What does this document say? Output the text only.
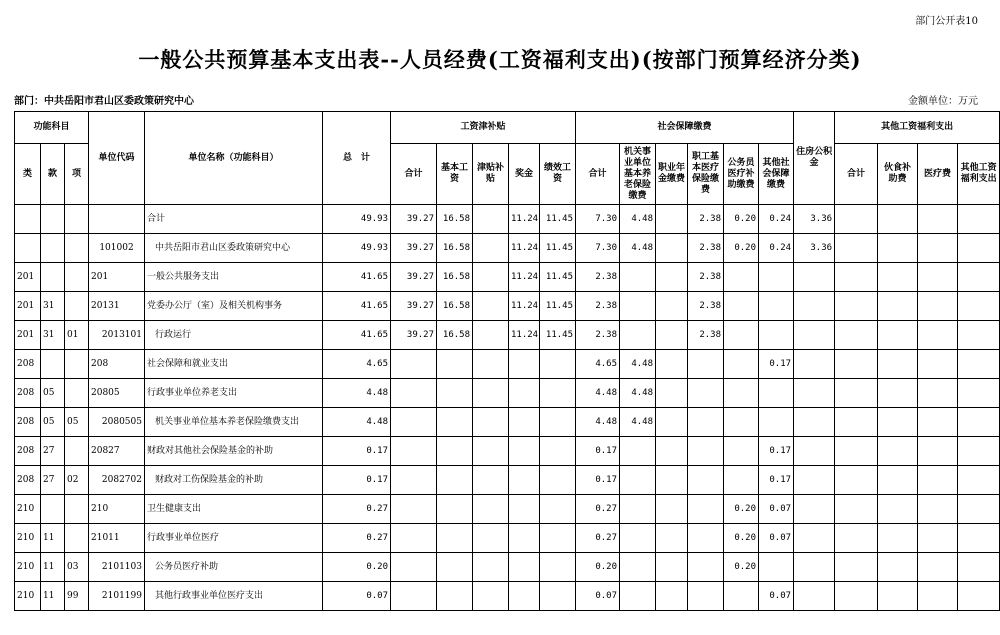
部门公开表10
一般公共预算基本支出表--人员经费(工资福利支出)(按部门预算经济分类)
部门：中共岳阳市君山区委政策研究中心	金额单位：万元
功能科目			单位代码	单位名称（功能科目）	总　计	工资津补贴					社会保障缴费						住房公积金	其他工资福利支出			
类	款	项				合计	基本工资	津贴补贴	奖金	绩效工资	合计	机关事业单位基本养老保险缴费	职业年金缴费	职工基本医疗保险缴费	公务员医疗补助缴费	其他社会保障缴费		合计	伙食补助费	医疗费	其他工资福利支出
				合计	49.93	39.27	16.58		11.24	11.45	7.30	4.48		2.38	0.20	0.24	3.36				
			101002	中共岳阳市君山区委政策研究中心	49.93	39.27	16.58		11.24	11.45	7.30	4.48		2.38	0.20	0.24	3.36				
201			201	一般公共服务支出	41.65	39.27	16.58		11.24	11.45	2.38			2.38							
201	31		20131	党委办公厅（室）及相关机构事务	41.65	39.27	16.58		11.24	11.45	2.38			2.38							
201	31	01	2013101	行政运行	41.65	39.27	16.58		11.24	11.45	2.38			2.38							
208			208	社会保障和就业支出	4.65						4.65	4.48				0.17					
208	05		20805	行政事业单位养老支出	4.48						4.48	4.48									
208	05	05	2080505	机关事业单位基本养老保险缴费支出	4.48						4.48	4.48									
208	27		20827	财政对其他社会保险基金的补助	0.17						0.17					0.17					
208	27	02	2082702	财政对工伤保险基金的补助	0.17						0.17					0.17					
210			210	卫生健康支出	0.27						0.27				0.20	0.07					
210	11		21011	行政事业单位医疗	0.27						0.27				0.20	0.07					
210	11	03	2101103	公务员医疗补助	0.20						0.20				0.20						
210	11	99	2101199	其他行政事业单位医疗支出	0.07						0.07					0.07					
